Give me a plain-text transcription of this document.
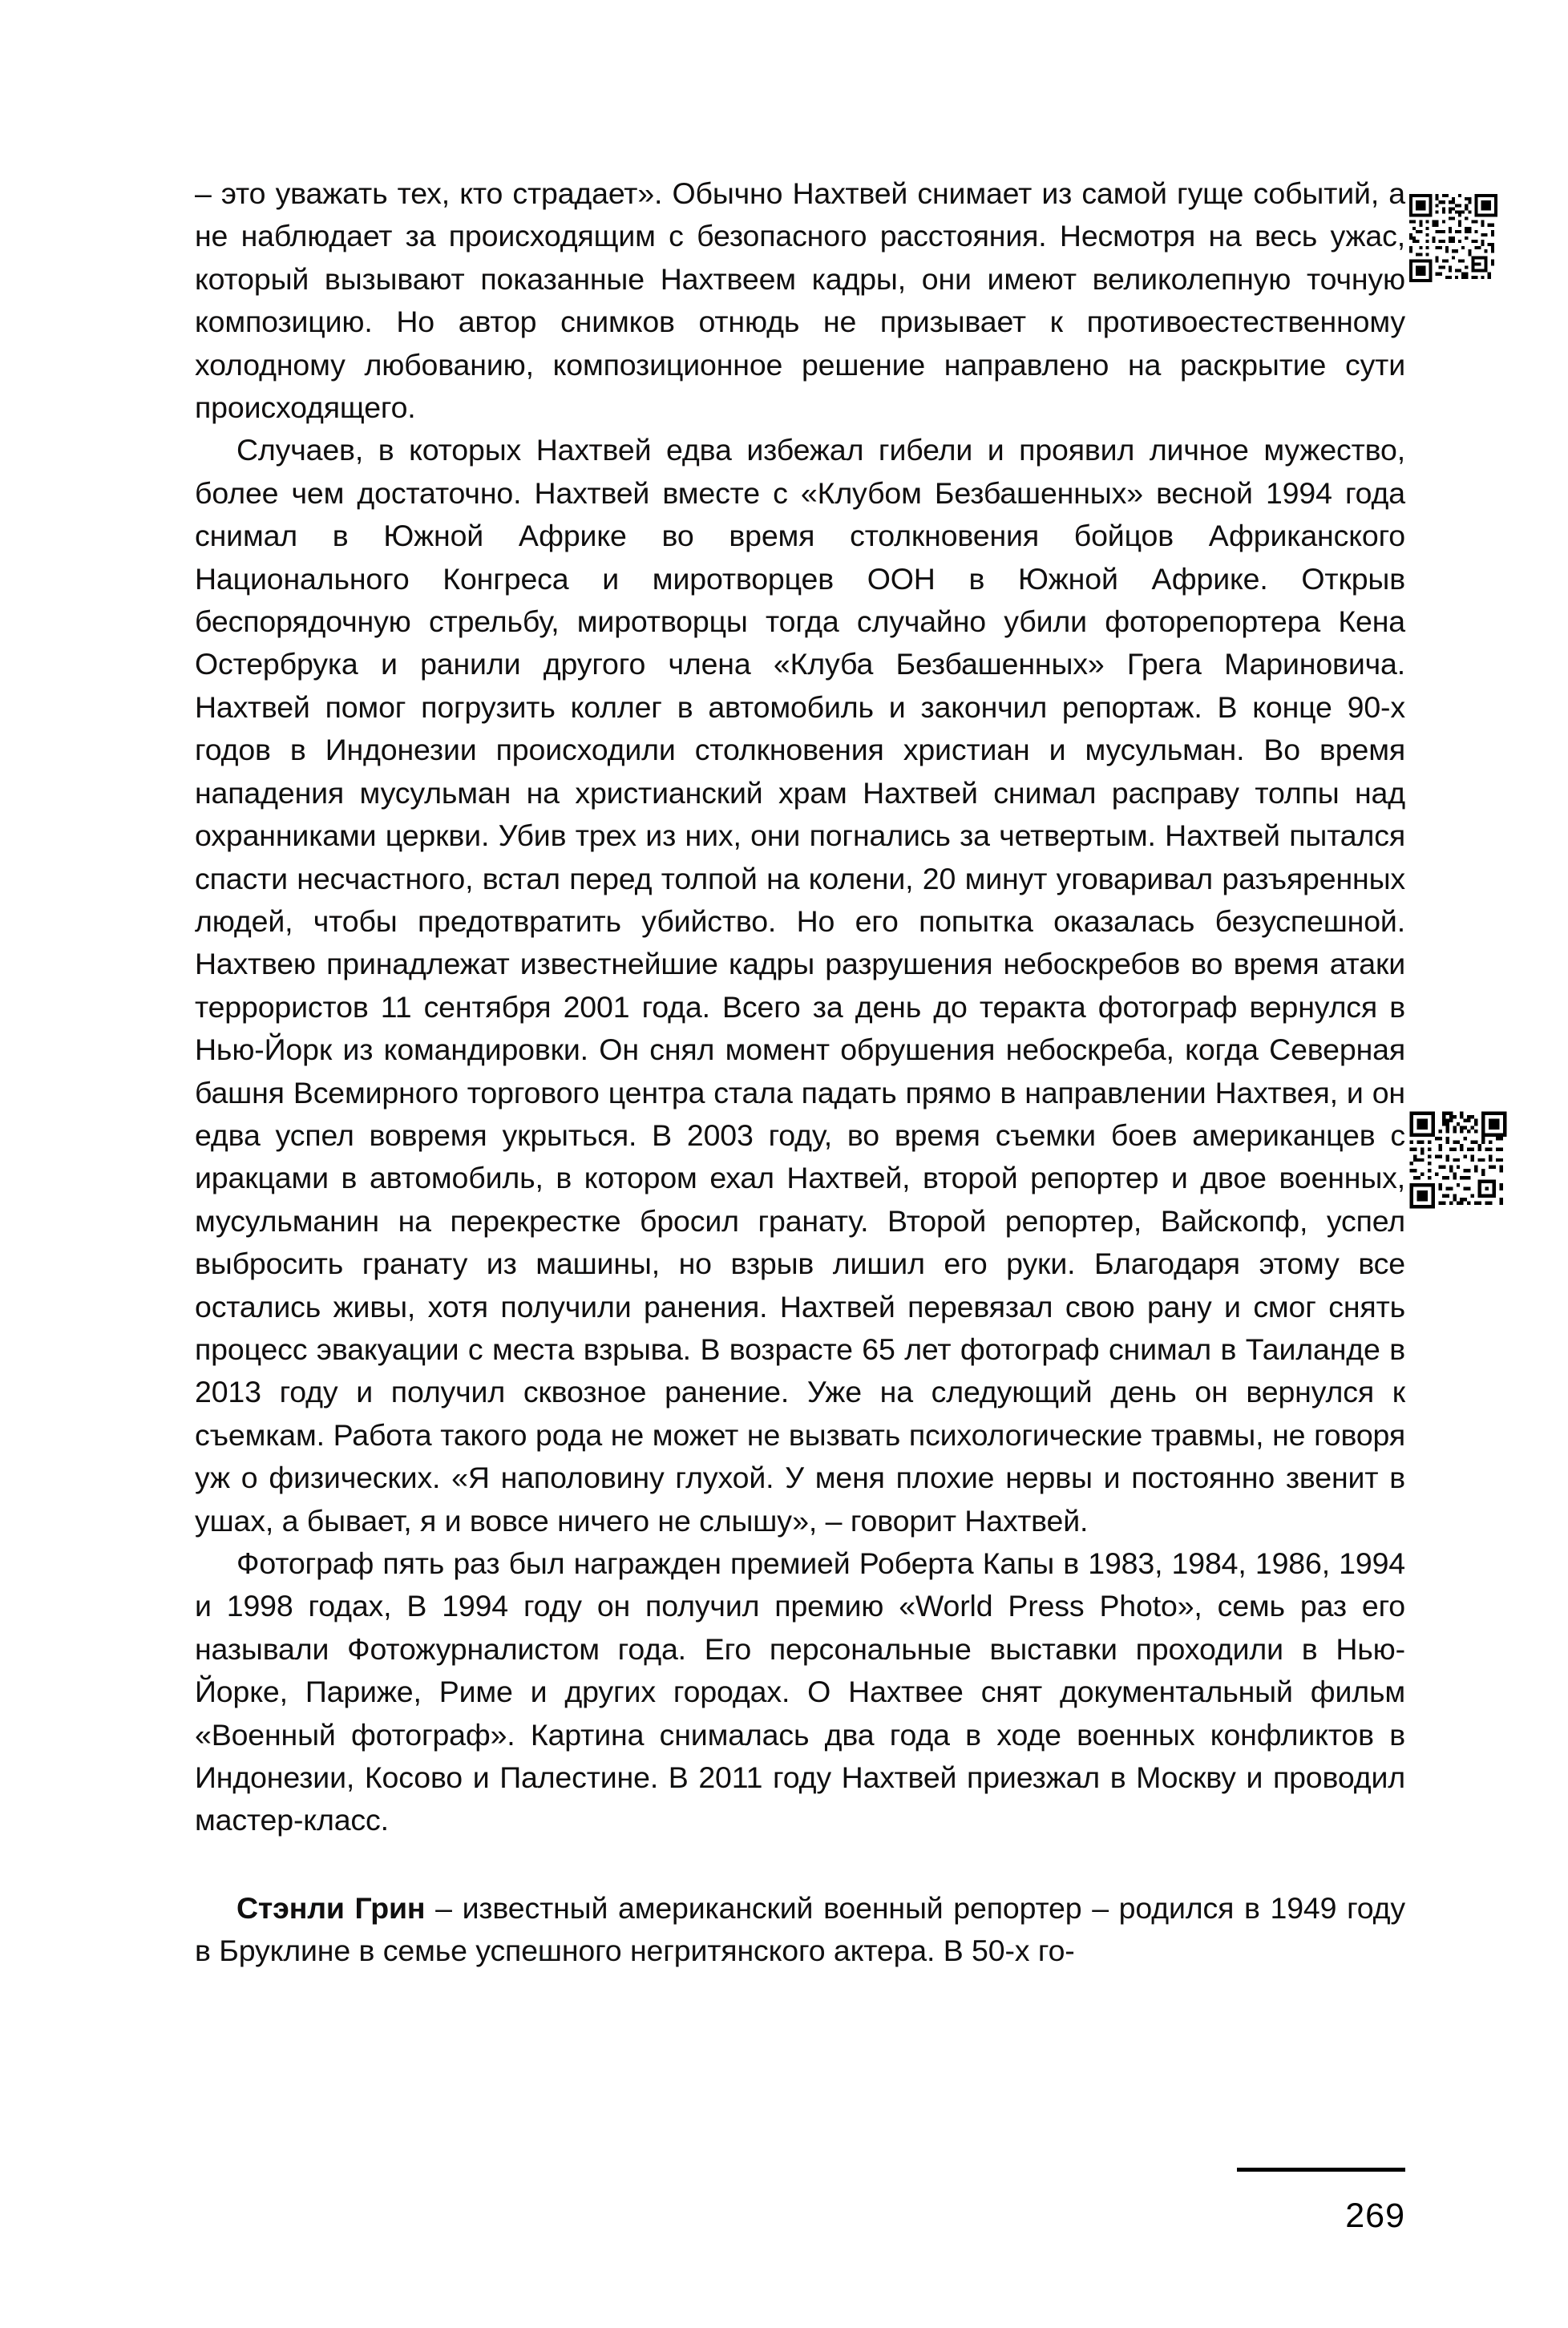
– это уважать тех, кто страдает». Обычно Нахтвей снимает из самой гуще событий, а не наблюдает за происходящим с безопасного расстояния. Несмотря на весь ужас, который вызывают показанные Нахтвеем кадры, они имеют великолепную точную композицию. Но автор снимков отнюдь не призывает к противоестественному холодному любованию, композиционное решение направлено на раскрытие сути происходящего.

Случаев, в которых Нахтвей едва избежал гибели и проявил личное мужество, более чем достаточно. Нахтвей вместе с «Клубом Безбашенных» весной 1994 года снимал в Южной Африке во время столкновения бойцов Африканского Национального Конгреса и миротворцев ООН в Южной Африке. Открыв беспорядочную стрельбу, миротворцы тогда случайно убили фоторепортера Кена Остербрука и ранили другого члена «Клуба Безбашенных» Грега Мариновича. Нахтвей помог погрузить коллег в автомобиль и закончил репортаж. В конце 90-х годов в Индонезии происходили столкновения христиан и мусульман. Во время нападения мусульман на христианский храм Нахтвей снимал расправу толпы над охранниками церкви. Убив трех из них, они погнались за четвертым. Нахтвей пытался спасти несчастного, встал перед толпой на колени, 20 минут уговаривал разъяренных людей, чтобы предотвратить убийство. Но его попытка оказалась безуспешной. Нахтвею принадлежат известнейшие кадры разрушения небоскребов во время атаки террористов 11 сентября 2001 года. Всего за день до теракта фотограф вернулся в Нью-Йорк из командировки. Он снял момент обрушения небоскреба, когда Северная башня Всемирного торгового центра стала падать прямо в направлении Нахтвея, и он едва успел вовремя укрыться. В 2003 году, во время съемки боев американцев с иракцами в автомобиль, в котором ехал Нахтвей, второй репортер и двое военных, мусульманин на перекрестке бросил гранату. Второй репортер, Вайскопф, успел выбросить гранату из машины, но взрыв лишил его руки. Благодаря этому все остались живы, хотя получили ранения. Нахтвей перевязал свою рану и смог снять процесс эвакуации с места взрыва. В возрасте 65 лет фотограф снимал в Таиланде в 2013 году и получил сквозное ранение. Уже на следующий день он вернулся к съемкам. Работа такого рода не может не вызвать психологические травмы, не говоря уж о физических. «Я наполовину глухой. У меня плохие нервы и постоянно звенит в ушах, а бывает, я и вовсе ничего не слышу», – говорит Нахтвей.

Фотограф пять раз был награжден премией Роберта Капы в 1983, 1984, 1986, 1994 и 1998 годах, В 1994 году он получил премию «World Press Photo», семь раз его называли Фотожурналистом года. Его персональные выставки проходили в Нью-Йорке, Париже, Риме и других городах. О Нахтвее снят документальный фильм «Военный фотограф». Картина снималась два года в ходе военных конфликтов в Индонезии, Косово и Палестине. В 2011 году Нахтвей приезжал в Москву и проводил мастер-класс.

Стэнли Грин – известный американский военный репортер – родился в 1949 году в Бруклине в семье успешного негритянского актера. В 50-х го-

269
